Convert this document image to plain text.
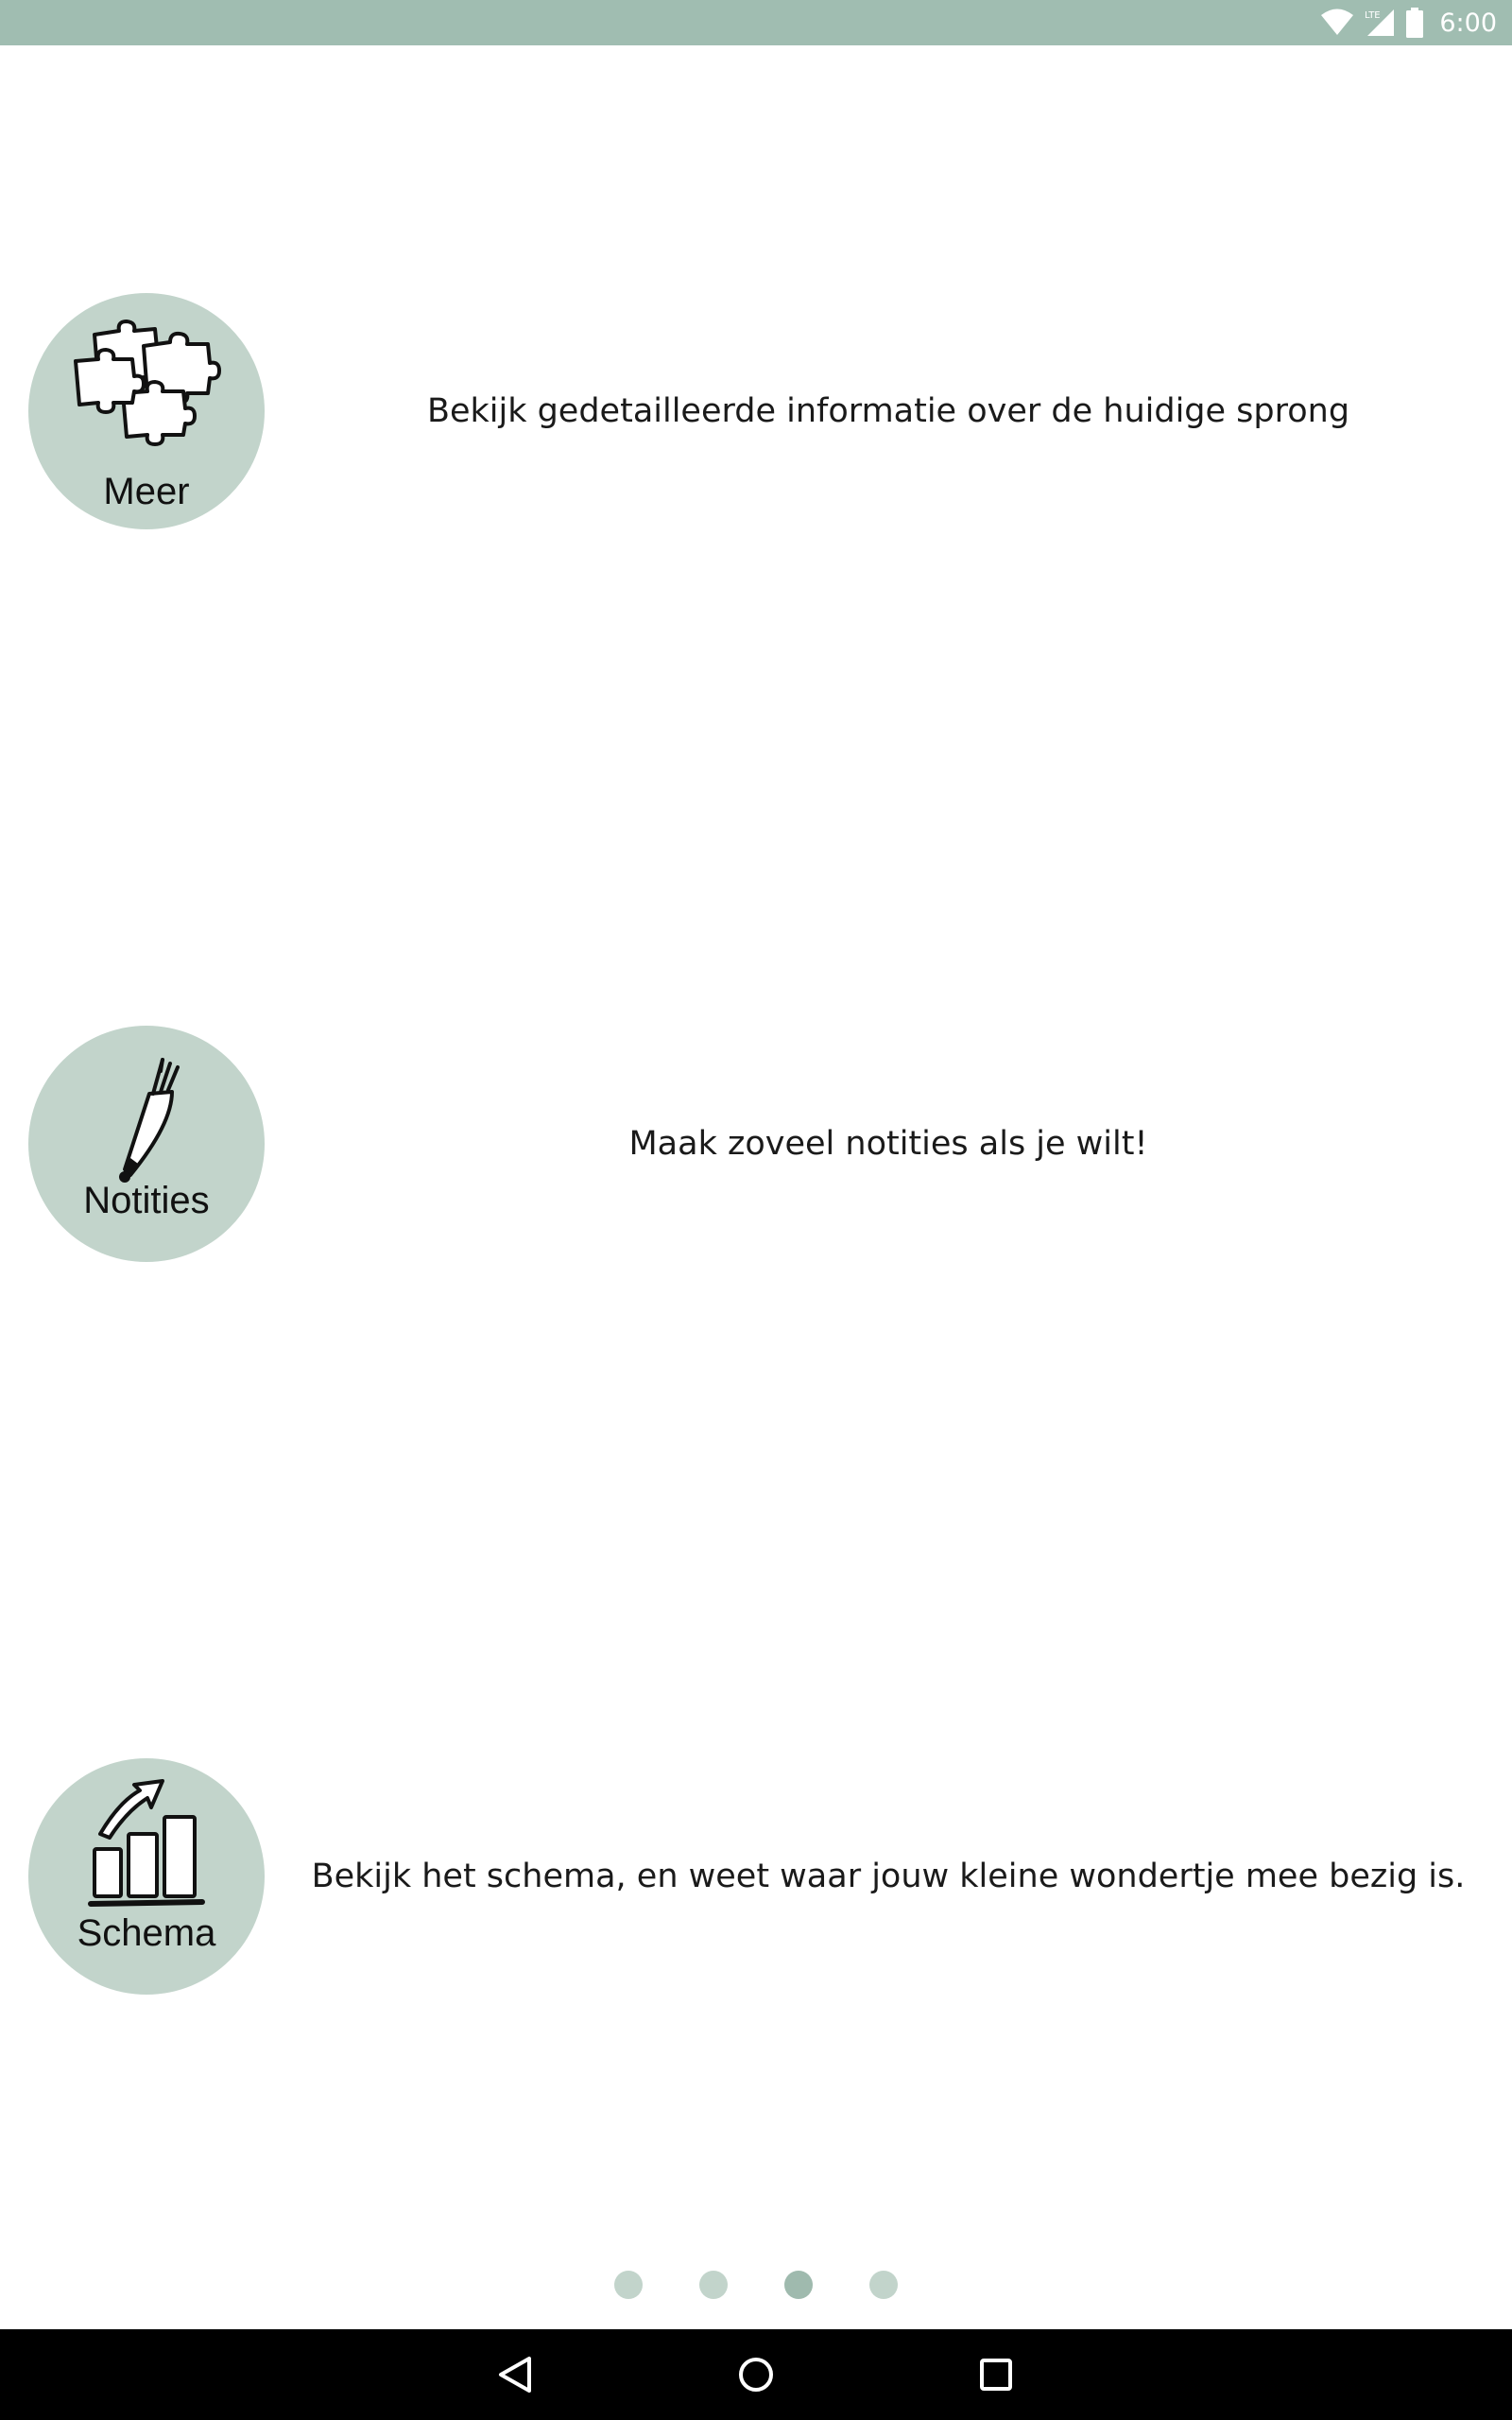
LTE 6:00
Meer
Bekijk gedetailleerde informatie over de huidige sprong
Notities
Maak zoveel notities als je wilt!
Schema
Bekijk het schema, en weet waar jouw kleine wondertje mee bezig is.
